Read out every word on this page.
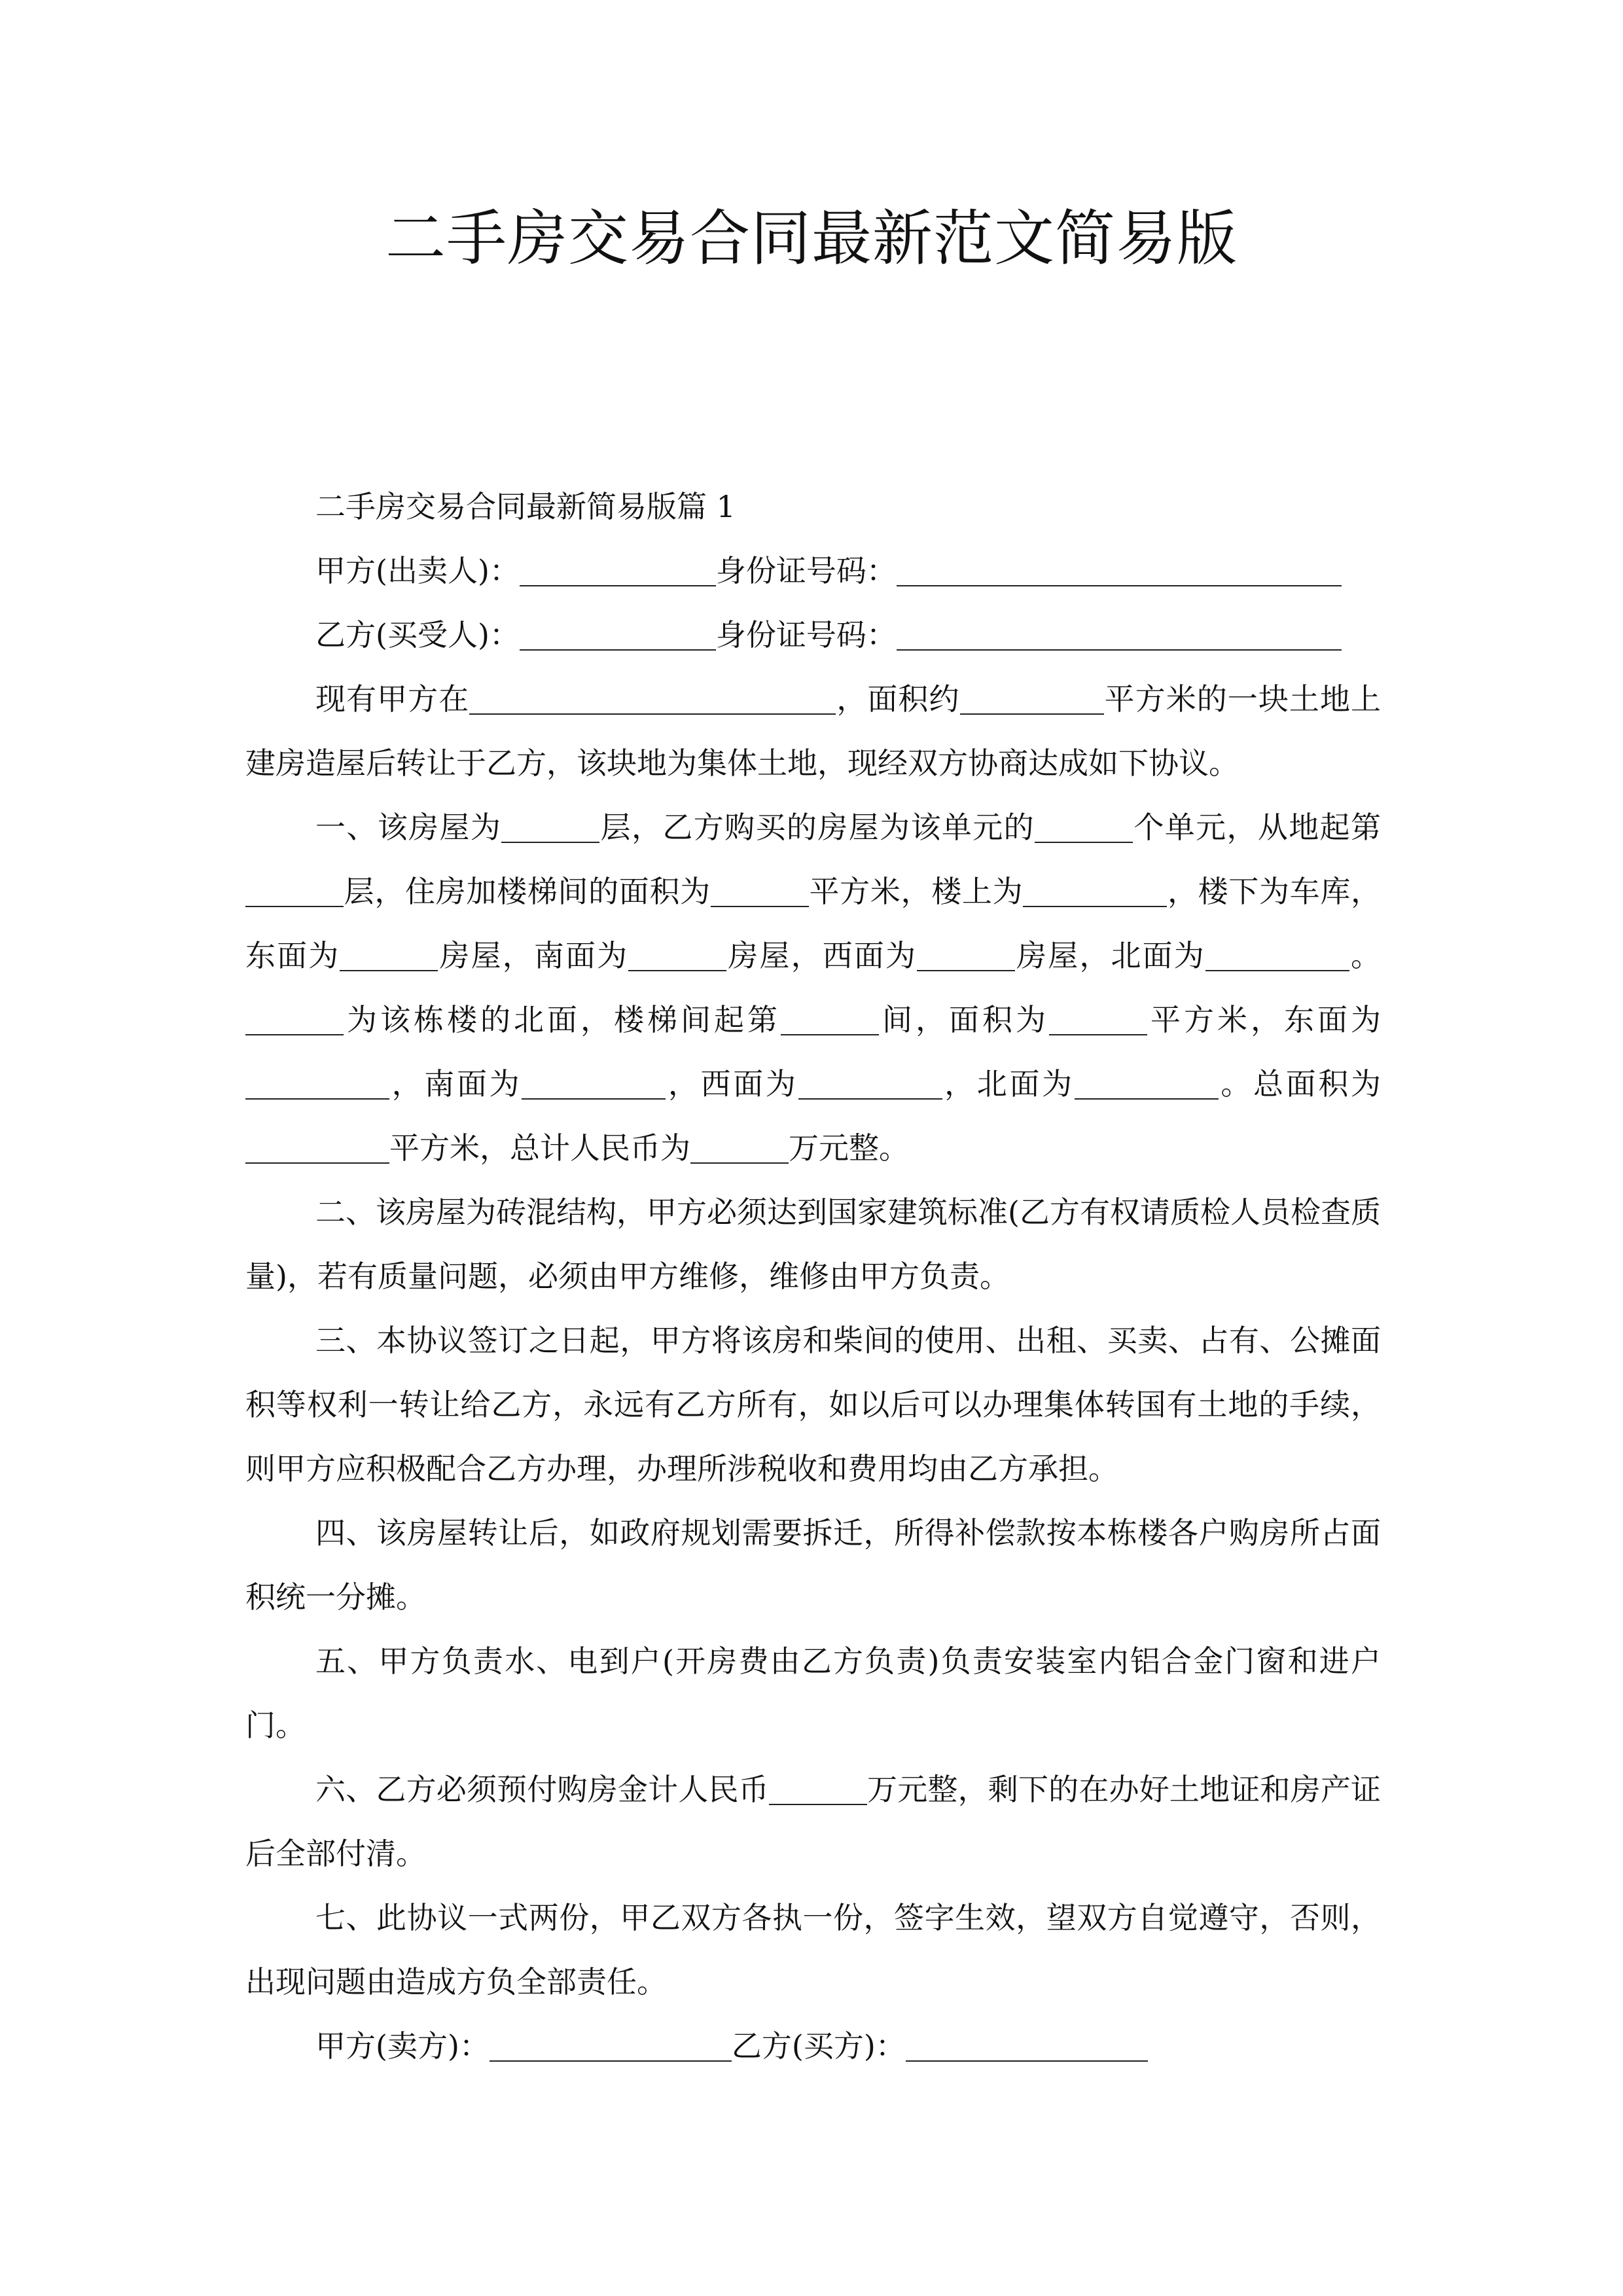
二手房交易合同最新范文简易版

二手房交易合同最新简易版篇 1

甲方(出卖人)：	身份证号码：

乙方(买受人)：	身份证号码：

现有甲方在	，面积约	平方米的一块土地上建房造屋后转让于乙方，该块地为集体土地，现经双方协商达成如下协议。

一、该房屋为	层，乙方购买的房屋为该单元的	个单元，从地起第层，住房加楼梯间的面积为	平方米，楼上为	，楼下为车库，东面为	房屋，南面为	房屋，西面为	房屋，北面为	。为该栋楼的北面，楼梯间起第	间，面积为	平方米，东面为，南面为	，西面为	，北面为	。总面积为平方米，总计人民币为	万元整。

二、该房屋为砖混结构，甲方必须达到国家建筑标准(乙方有权请质检人员检查质量)，若有质量问题，必须由甲方维修，维修由甲方负责。

三、本协议签订之日起，甲方将该房和柴间的使用、出租、买卖、占有、公摊面积等权利一转让给乙方，永远有乙方所有，如以后可以办理集体转国有土地的手续，则甲方应积极配合乙方办理，办理所涉税收和费用均由乙方承担。

四、该房屋转让后，如政府规划需要拆迁，所得补偿款按本栋楼各户购房所占面积统一分摊。

五、甲方负责水、电到户(开房费由乙方负责)负责安装室内铝合金门窗和进户门。

六、乙方必须预付购房金计人民币	万元整，剩下的在办好土地证和房产证后全部付清。

七、此协议一式两份，甲乙双方各执一份，签字生效，望双方自觉遵守，否则，出现问题由造成方负全部责任。

甲方(卖方)：	乙方(买方)：
